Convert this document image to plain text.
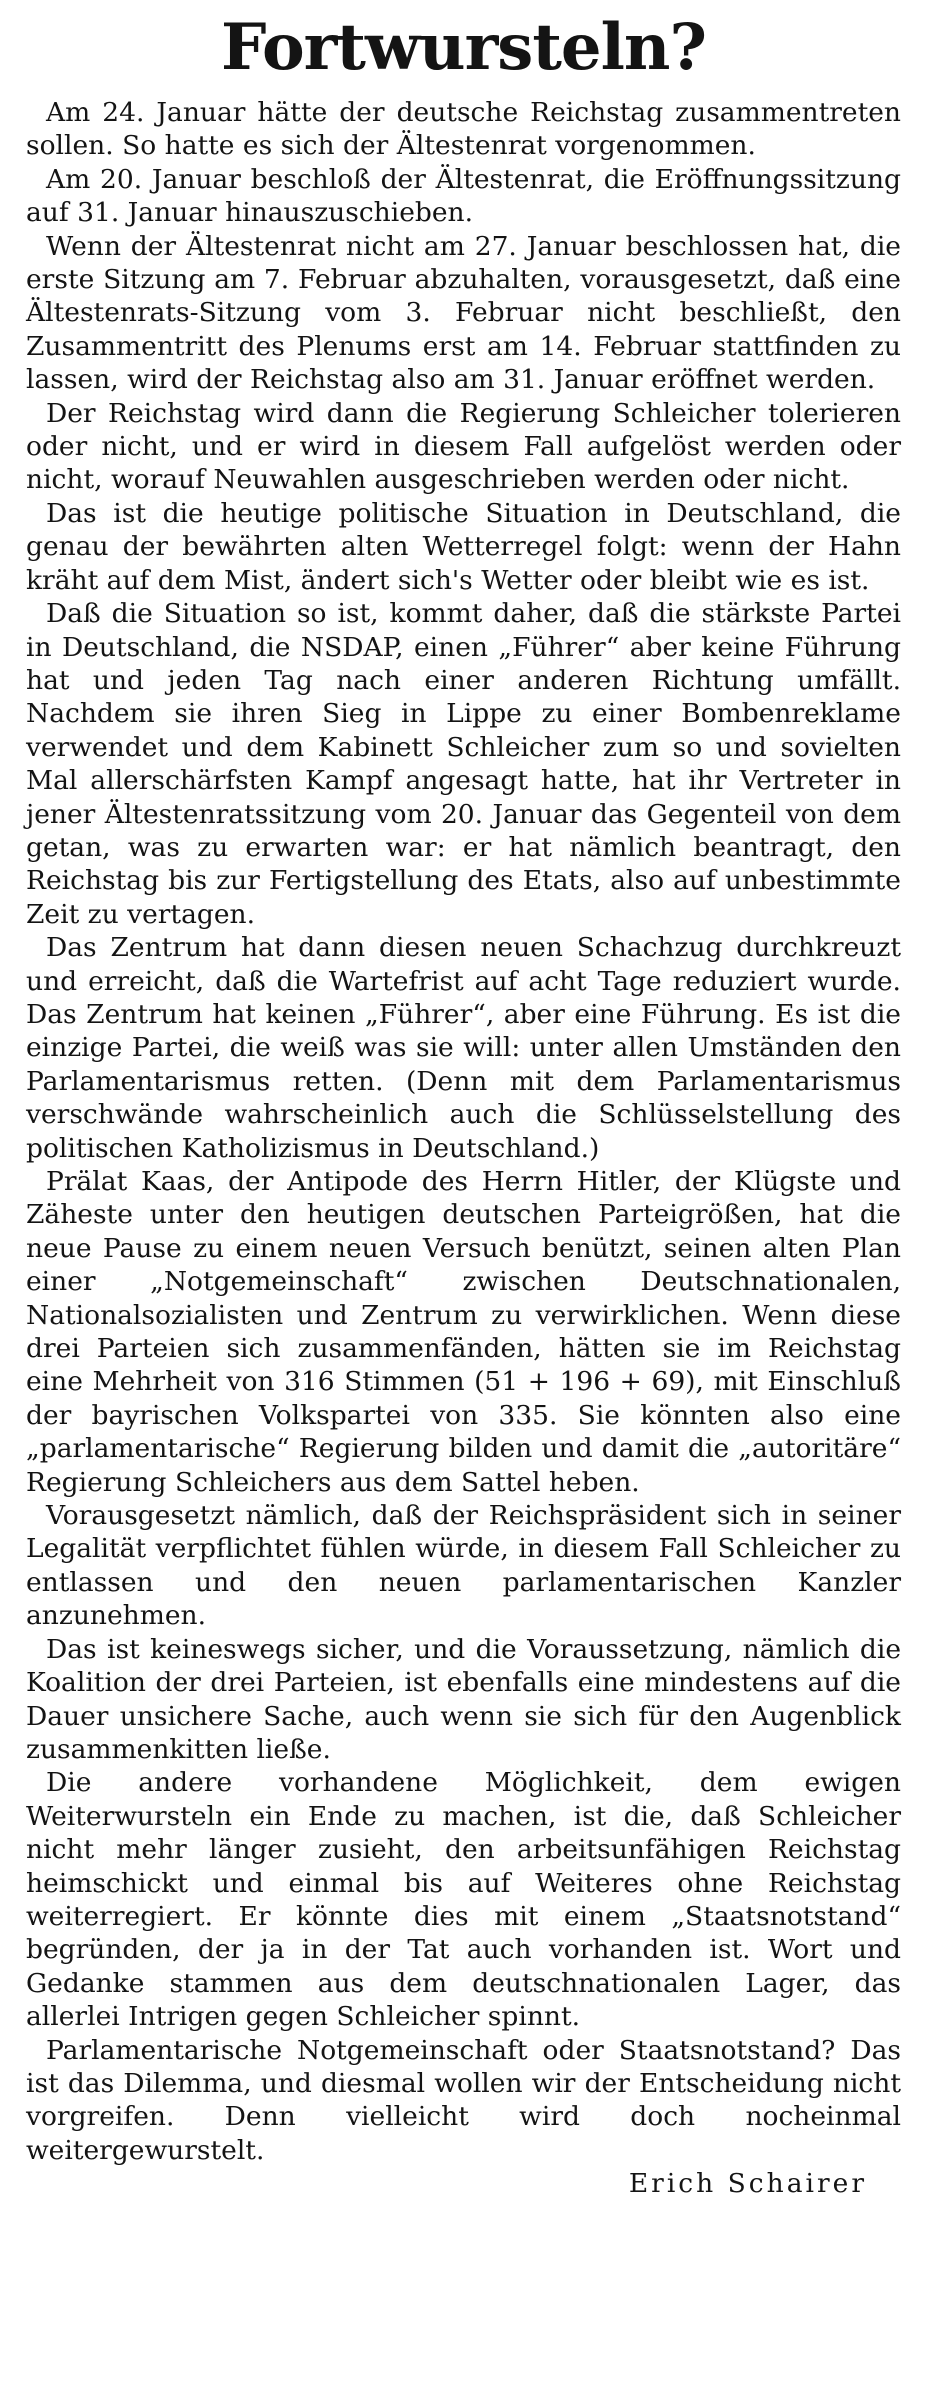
Fortwursteln?

Am 24. Januar hätte der deutsche Reichstag zusammentreten sollen. So hatte es sich der Ältestenrat vorgenommen.

Am 20. Januar beschloß der Ältestenrat, die Eröffnungssitzung auf 31. Januar hinauszuschieben.

Wenn der Ältestenrat nicht am 27. Januar beschlossen hat, die erste Sitzung am 7. Februar abzuhalten, vorausgesetzt, daß eine Ältestenrats-Sitzung vom 3. Februar nicht beschließt, den Zusammentritt des Plenums erst am 14. Februar stattfinden zu lassen, wird der Reichstag also am 31. Januar eröffnet werden.

Der Reichstag wird dann die Regierung Schleicher tolerieren oder nicht, und er wird in diesem Fall aufgelöst werden oder nicht, worauf Neuwahlen ausgeschrieben werden oder nicht.

Das ist die heutige politische Situation in Deutschland, die genau der bewährten alten Wetterregel folgt: wenn der Hahn kräht auf dem Mist, ändert sich's Wetter oder bleibt wie es ist.

Daß die Situation so ist, kommt daher, daß die stärkste Partei in Deutschland, die NSDAP, einen „Führer“ aber keine Führung hat und jeden Tag nach einer anderen Richtung umfällt. Nachdem sie ihren Sieg in Lippe zu einer Bombenreklame verwendet und dem Kabinett Schleicher zum so und sovielten Mal allerschärfsten Kampf angesagt hatte, hat ihr Vertreter in jener Ältestenratssitzung vom 20. Januar das Gegenteil von dem getan, was zu erwarten war: er hat nämlich beantragt, den Reichstag bis zur Fertigstellung des Etats, also auf unbestimmte Zeit zu vertagen.

Das Zentrum hat dann diesen neuen Schachzug durchkreuzt und erreicht, daß die Wartefrist auf acht Tage reduziert wurde. Das Zentrum hat keinen „Führer“, aber eine Führung. Es ist die einzige Partei, die weiß was sie will: unter allen Umständen den Parlamentarismus retten. (Denn mit dem Parlamentarismus verschwände wahrscheinlich auch die Schlüsselstellung des politischen Katholizismus in Deutschland.)

Prälat Kaas, der Antipode des Herrn Hitler, der Klügste und Zäheste unter den heutigen deutschen Parteigrößen, hat die neue Pause zu einem neuen Versuch benützt, seinen alten Plan einer „Notgemeinschaft“ zwischen Deutschnationalen, Nationalsozialisten und Zentrum zu verwirklichen. Wenn diese drei Parteien sich zusammenfänden, hätten sie im Reichstag eine Mehrheit von 316 Stimmen (51 + 196 + 69), mit Einschluß der bayrischen Volkspartei von 335. Sie könnten also eine „parlamentarische“ Regierung bilden und damit die „autoritäre“ Regierung Schleichers aus dem Sattel heben.

Vorausgesetzt nämlich, daß der Reichspräsident sich in seiner Legalität verpflichtet fühlen würde, in diesem Fall Schleicher zu entlassen und den neuen parlamentarischen Kanzler anzunehmen.

Das ist keineswegs sicher, und die Voraussetzung, nämlich die Koalition der drei Parteien, ist ebenfalls eine mindestens auf die Dauer unsichere Sache, auch wenn sie sich für den Augenblick zusammenkitten ließe.

Die andere vorhandene Möglichkeit, dem ewigen Weiterwursteln ein Ende zu machen, ist die, daß Schleicher nicht mehr länger zusieht, den arbeitsunfähigen Reichstag heimschickt und einmal bis auf Weiteres ohne Reichstag weiterregiert. Er könnte dies mit einem „Staatsnotstand“ begründen, der ja in der Tat auch vorhanden ist. Wort und Gedanke stammen aus dem deutschnationalen Lager, das allerlei Intrigen gegen Schleicher spinnt.

Parlamentarische Notgemeinschaft oder Staatsnotstand? Das ist das Dilemma, und diesmal wollen wir der Entscheidung nicht vorgreifen. Denn vielleicht wird doch nocheinmal weitergewurstelt.

Erich Schairer
